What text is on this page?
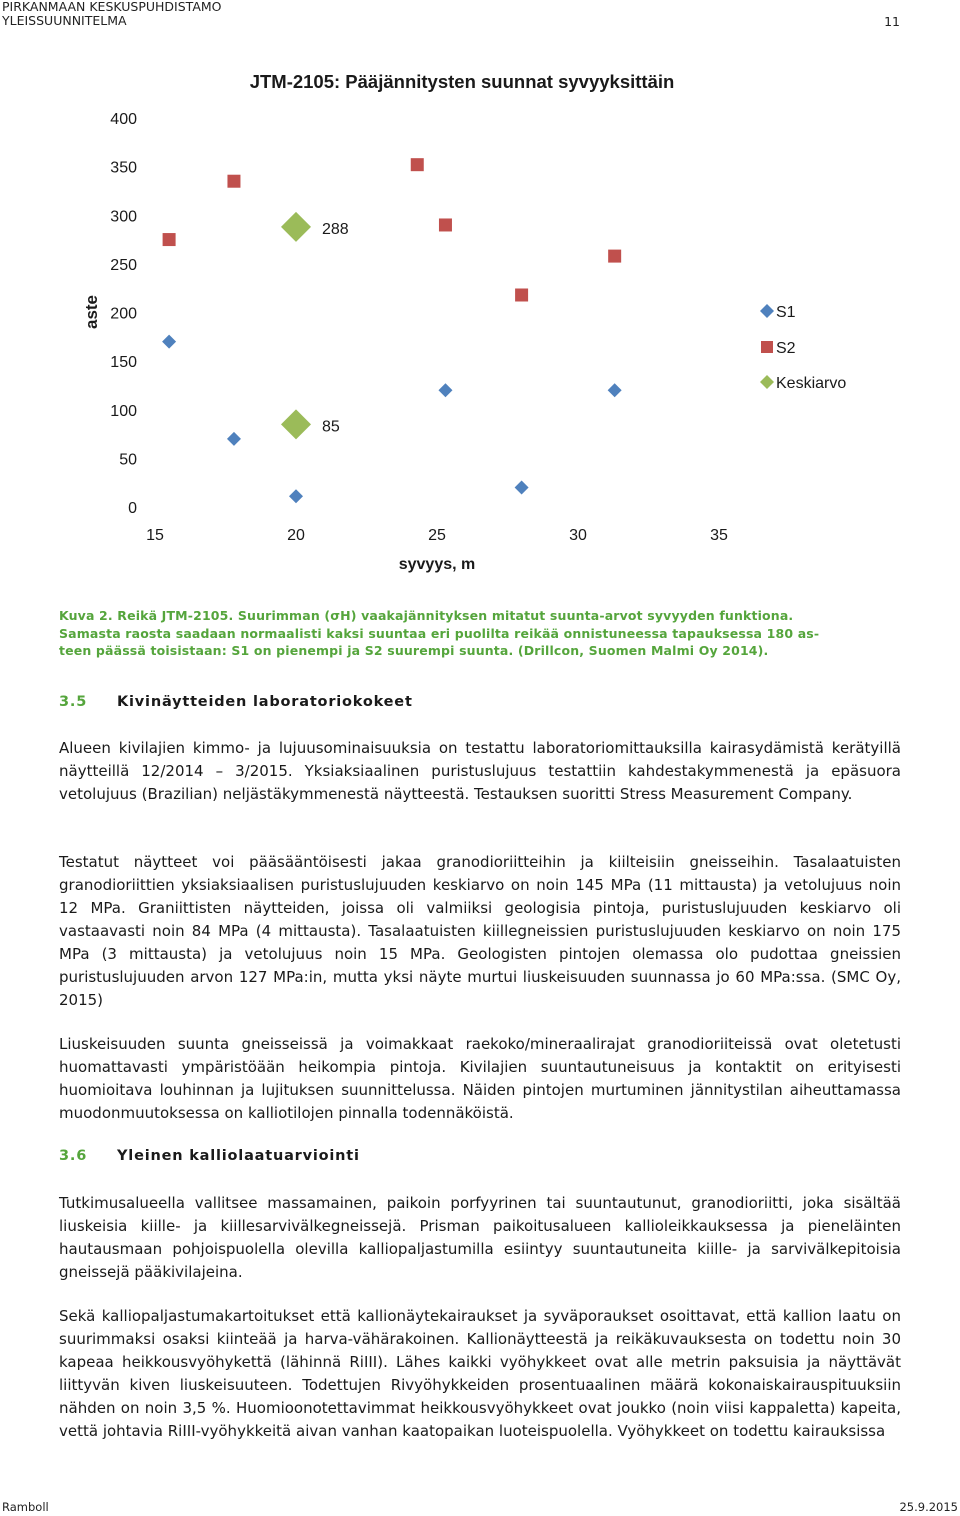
PIRKANMAAN KESKUSPUHDISTAMO
YLEISSUUNNITELMA	11
JTM-2105: Pääjännitysten suunnat syvyyksittäin
aste
syvyys, m
0
50
100
150
200
250
300
350
400
15	20	25	30	35
288
85
S1
S2
Keskiarvo
Kuva 2. Reikä JTM-2105. Suurimman (σH) vaakajännityksen mitatut suunta-arvot syvyyden funktiona.
Samasta raosta saadaan normaalisti kaksi suuntaa eri puolilta reikää onnistuneessa tapauksessa 180 as-
teen päässä toisistaan: S1 on pienempi ja S2 suurempi suunta. (Drillcon, Suomen Malmi Oy 2014).
3.5 Kivinäytteiden laboratoriokokeet
Alueen kivilajien kimmo- ja lujuusominaisuuksia on testattu laboratoriomittauksilla kairasydämistä kerätyillä näytteillä 12/2014 – 3/2015. Yksiaksiaalinen puristuslujuus testattiin kahdestakymmenestä ja epäsuora vetolujuus (Brazilian) neljästäkymmenestä näytteestä. Testauksen suoritti Stress Measurement Company.
Testatut näytteet voi pääsääntöisesti jakaa granodioriitteihin ja kiilteisiin gneisseihin. Tasalaatuisten granodioriittien yksiaksiaalisen puristuslujuuden keskiarvo on noin 145 MPa (11 mittausta) ja vetolujuus noin 12 MPa. Graniittisten näytteiden, joissa oli valmiiksi geologisia pintoja, puristuslujuuden keskiarvo oli vastaavasti noin 84 MPa (4 mittausta). Tasalaatuisten kiillegneissien puristuslujuuden keskiarvo on noin 175 MPa (3 mittausta) ja vetolujuus noin 15 MPa. Geologisten pintojen olemassa olo pudottaa gneissien puristuslujuuden arvon 127 MPa:in, mutta yksi näyte murtui liuskeisuuden suunnassa jo 60 MPa:ssa. (SMC Oy, 2015)
Liuskeisuuden suunta gneisseissä ja voimakkaat raekoko/mineraalirajat granodioriiteissä ovat oletetusti huomattavasti ympäristöään heikompia pintoja. Kivilajien suuntautuneisuus ja kontaktit on erityisesti huomioitava louhinnan ja lujituksen suunnittelussa. Näiden pintojen murtuminen jännitystilan aiheuttamassa muodonmuutoksessa on kalliotilojen pinnalla todennäköistä.
3.6 Yleinen kalliolaatuarviointi
Tutkimusalueella vallitsee massamainen, paikoin porfyyrinen tai suuntautunut, granodioriitti, joka sisältää liuskeisia kiille- ja kiillesarvivälkegneissejä. Prisman paikoitusalueen kallioleikkauksessa ja pieneläinten hautausmaan pohjoispuolella olevilla kalliopaljastumilla esiintyy suuntautuneita kiille- ja sarvivälkepitoisia gneissejä pääkivilajeina.
Sekä kalliopaljastumakartoitukset että kallionäytekairaukset ja syväporaukset osoittavat, että kallion laatu on suurimmaksi osaksi kiinteää ja harva-vähärakoinen. Kallionäytteestä ja reikäkuvauksesta on todettu noin 30 kapeaa heikkousvyöhykettä (lähinnä RiIII). Lähes kaikki vyöhykkeet ovat alle metrin paksuisia ja näyttävät liittyvän kiven liuskeisuuteen. Todettujen Rivyöhykkeiden prosentuaalinen määrä kokonaiskairauspituuksiin nähden on noin 3,5 %. Huomioonotettavimmat heikkousvyöhykkeet ovat joukko (noin viisi kappaletta) kapeita, vettä johtavia RiIII-vyöhykkeitä aivan vanhan kaatopaikan luoteispuolella. Vyöhykkeet on todettu kairauksissa
Ramboll	25.9.2015
